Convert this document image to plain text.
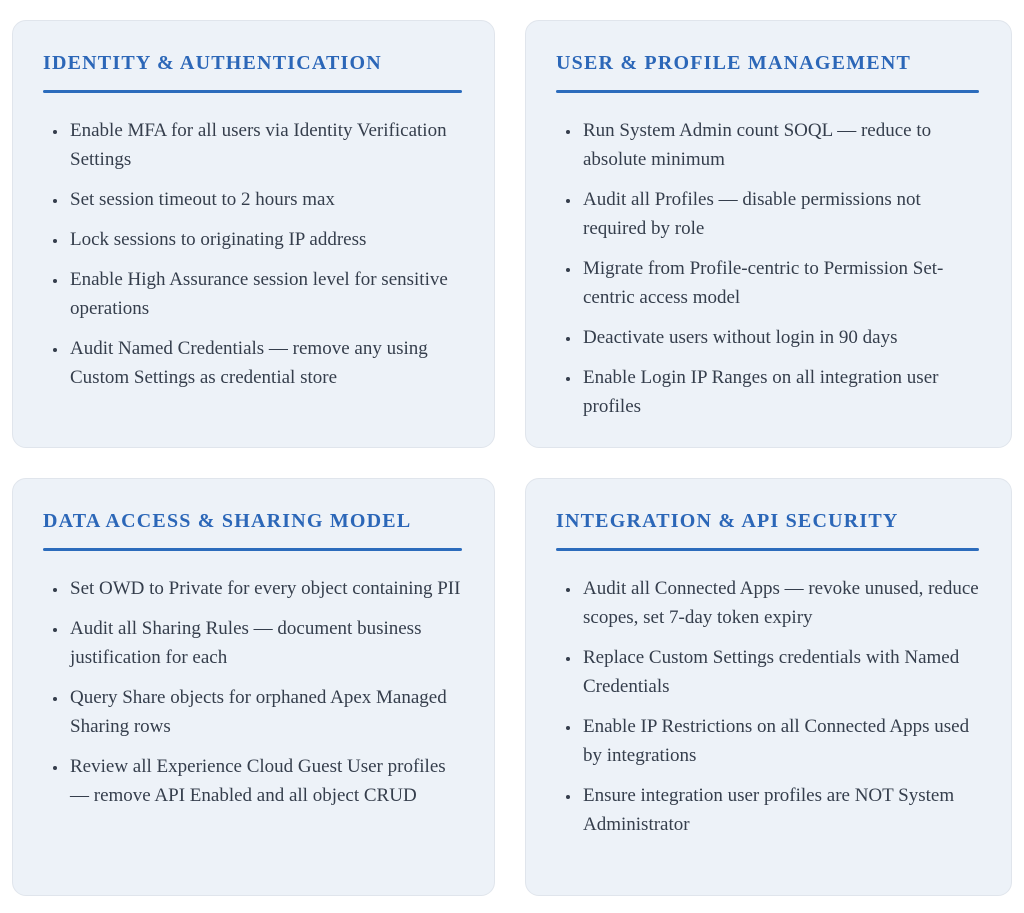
IDENTITY & AUTHENTICATION
• Enable MFA for all users via Identity Verification Settings
• Set session timeout to 2 hours max
• Lock sessions to originating IP address
• Enable High Assurance session level for sensitive operations
• Audit Named Credentials — remove any using Custom Settings as credential store
USER & PROFILE MANAGEMENT
• Run System Admin count SOQL — reduce to absolute minimum
• Audit all Profiles — disable permissions not required by role
• Migrate from Profile-centric to Permission Set-centric access model
• Deactivate users without login in 90 days
• Enable Login IP Ranges on all integration user profiles
DATA ACCESS & SHARING MODEL
• Set OWD to Private for every object containing PII
• Audit all Sharing Rules — document business justification for each
• Query Share objects for orphaned Apex Managed Sharing rows
• Review all Experience Cloud Guest User profiles — remove API Enabled and all object CRUD
INTEGRATION & API SECURITY
• Audit all Connected Apps — revoke unused, reduce scopes, set 7-day token expiry
• Replace Custom Settings credentials with Named Credentials
• Enable IP Restrictions on all Connected Apps used by integrations
• Ensure integration user profiles are NOT System Administrator
